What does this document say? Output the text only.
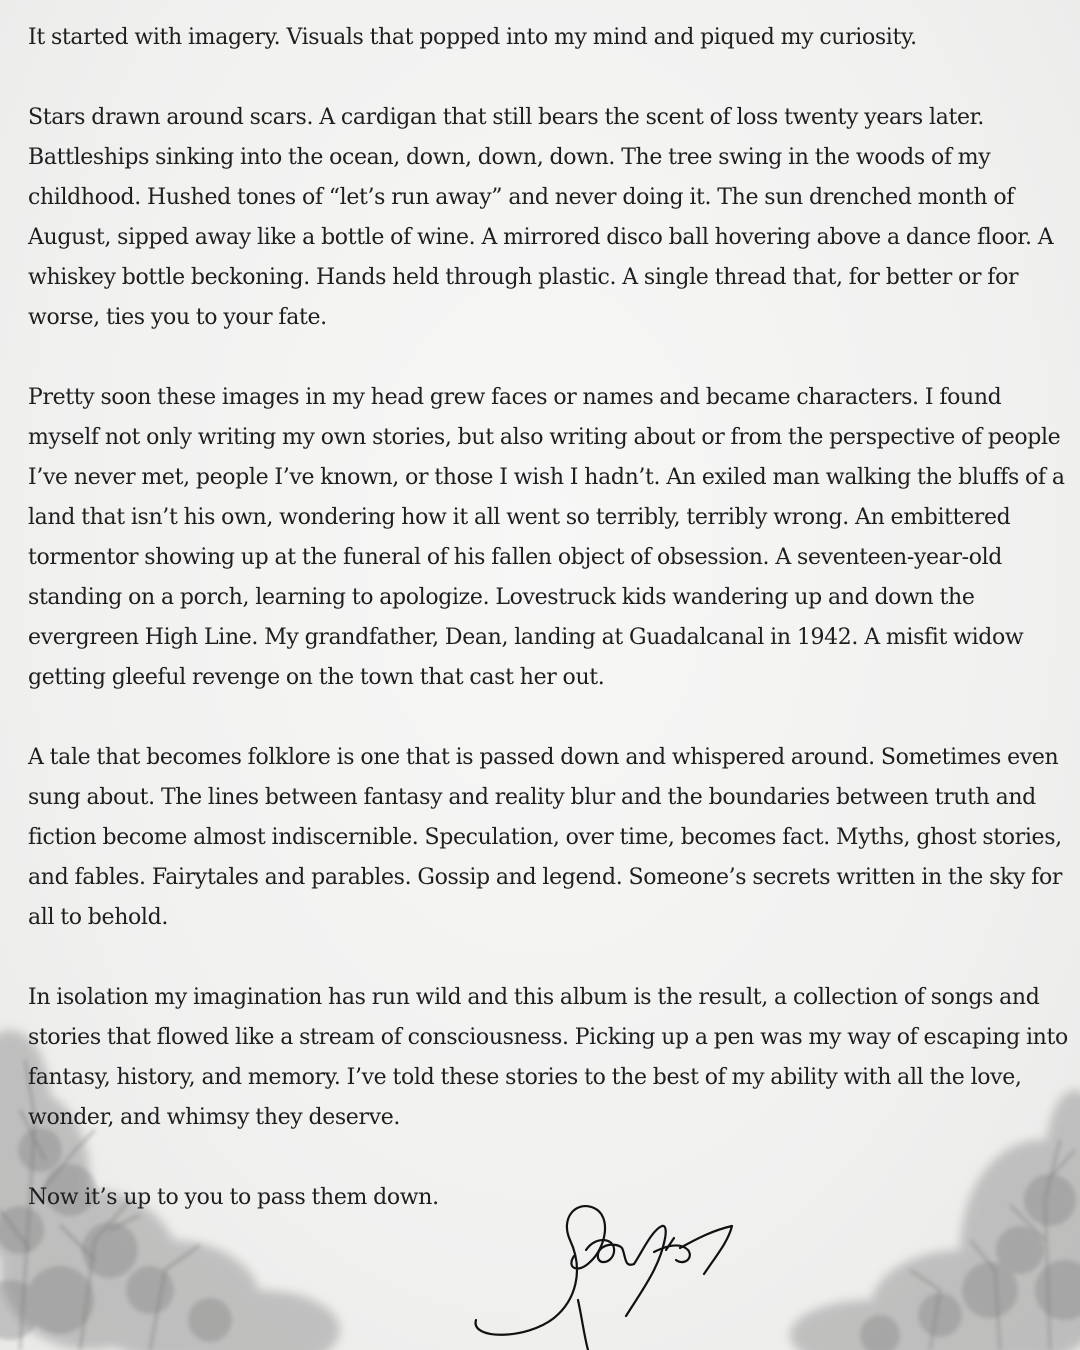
It started with imagery. Visuals that popped into my mind and piqued my curiosity.

Stars drawn around scars. A cardigan that still bears the scent of loss twenty years later. Battleships sinking into the ocean, down, down, down. The tree swing in the woods of my childhood. Hushed tones of “let’s run away” and never doing it. The sun drenched month of August, sipped away like a bottle of wine. A mirrored disco ball hovering above a dance floor. A whiskey bottle beckoning. Hands held through plastic. A single thread that, for better or for worse, ties you to your fate.

Pretty soon these images in my head grew faces or names and became characters. I found myself not only writing my own stories, but also writing about or from the perspective of people I’ve never met, people I’ve known, or those I wish I hadn’t. An exiled man walking the bluffs of a land that isn’t his own, wondering how it all went so terribly, terribly wrong. An embittered tormentor showing up at the funeral of his fallen object of obsession. A seventeen-year-old standing on a porch, learning to apologize. Lovestruck kids wandering up and down the evergreen High Line. My grandfather, Dean, landing at Guadalcanal in 1942. A misfit widow getting gleeful revenge on the town that cast her out.

A tale that becomes folklore is one that is passed down and whispered around. Sometimes even sung about. The lines between fantasy and reality blur and the boundaries between truth and fiction become almost indiscernible. Speculation, over time, becomes fact. Myths, ghost stories, and fables. Fairytales and parables. Gossip and legend. Someone’s secrets written in the sky for all to behold.

In isolation my imagination has run wild and this album is the result, a collection of songs and stories that flowed like a stream of consciousness. Picking up a pen was my way of escaping into fantasy, history, and memory. I’ve told these stories to the best of my ability with all the love, wonder, and whimsy they deserve.

Now it’s up to you to pass them down.
